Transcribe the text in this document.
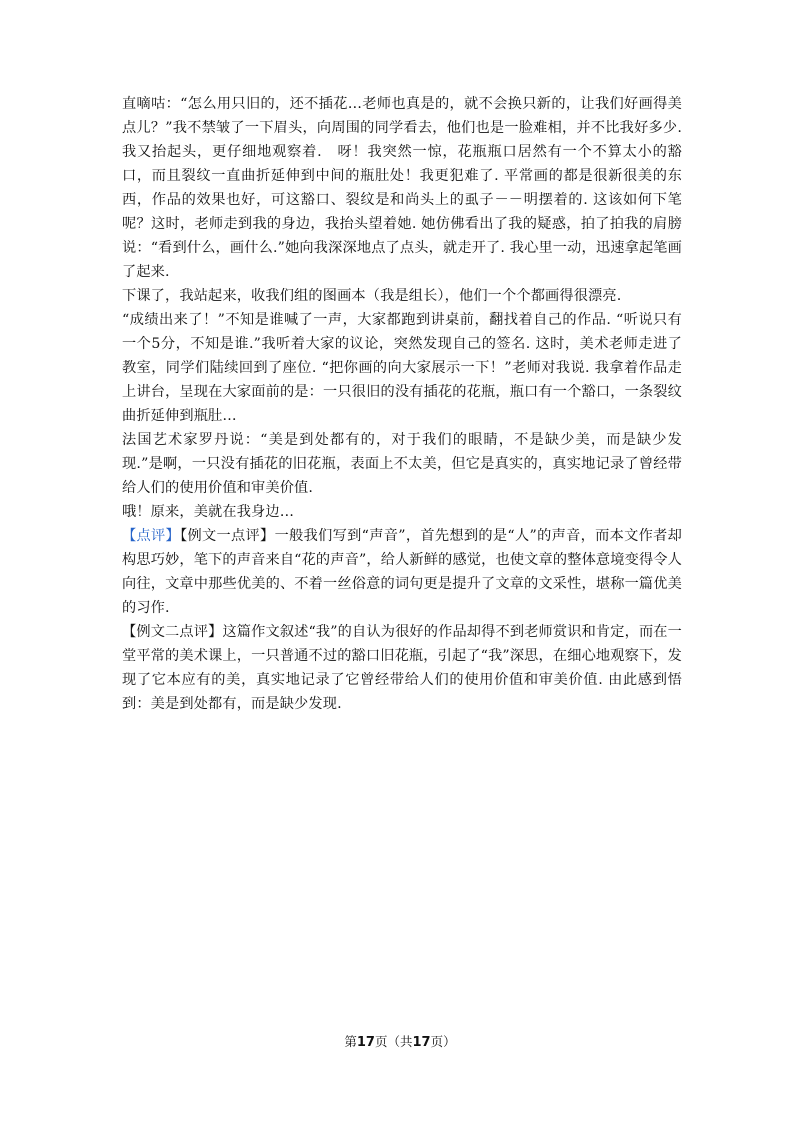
直嘀咕：“怎么用只旧的，还不插花…老师也真是的，就不会换只新的，让我们好画得美点儿？”我不禁皱了一下眉头，向周围的同学看去，他们也是一脸难相，并不比我好多少. 我又抬起头，更仔细地观察着.　呀！我突然一惊，花瓶瓶口居然有一个不算太小的豁口，而且裂纹一直曲折延伸到中间的瓶肚处！我更犯难了. 平常画的都是很新很美的东西，作品的效果也好，可这豁口、裂纹是和尚头上的虱子－－明摆着的. 这该如何下笔呢？这时，老师走到我的身边，我抬头望着她. 她仿佛看出了我的疑惑，拍了拍我的肩膀说：“看到什么，画什么.”她向我深深地点了点头，就走开了. 我心里一动，迅速拿起笔画了起来.

下课了，我站起来，收我们组的图画本（我是组长），他们一个个都画得很漂亮.

“成绩出来了！”不知是谁喊了一声，大家都跑到讲桌前，翻找着自己的作品. “听说只有一个5分，不知是谁.”我听着大家的议论，突然发现自己的签名. 这时，美术老师走进了教室，同学们陆续回到了座位. “把你画的向大家展示一下！”老师对我说. 我拿着作品走上讲台，呈现在大家面前的是：一只很旧的没有插花的花瓶，瓶口有一个豁口，一条裂纹曲折延伸到瓶肚…

法国艺术家罗丹说：“美是到处都有的，对于我们的眼睛，不是缺少美，而是缺少发现.”是啊，一只没有插花的旧花瓶，表面上不太美，但它是真实的，真实地记录了曾经带给人们的使用价值和审美价值.

哦！原来，美就在我身边…

【点评】【例文一点评】一般我们写到“声音”，首先想到的是“人”的声音，而本文作者却构思巧妙，笔下的声音来自“花的声音”，给人新鲜的感觉，也使文章的整体意境变得令人向往，文章中那些优美的、不着一丝俗意的词句更是提升了文章的文采性，堪称一篇优美的习作.

【例文二点评】这篇作文叙述“我”的自认为很好的作品却得不到老师赏识和肯定，而在一堂平常的美术课上，一只普通不过的豁口旧花瓶，引起了“我”深思，在细心地观察下，发现了它本应有的美，真实地记录了它曾经带给人们的使用价值和审美价值. 由此感到悟到：美是到处都有，而是缺少发现.

第17页（共17页）
